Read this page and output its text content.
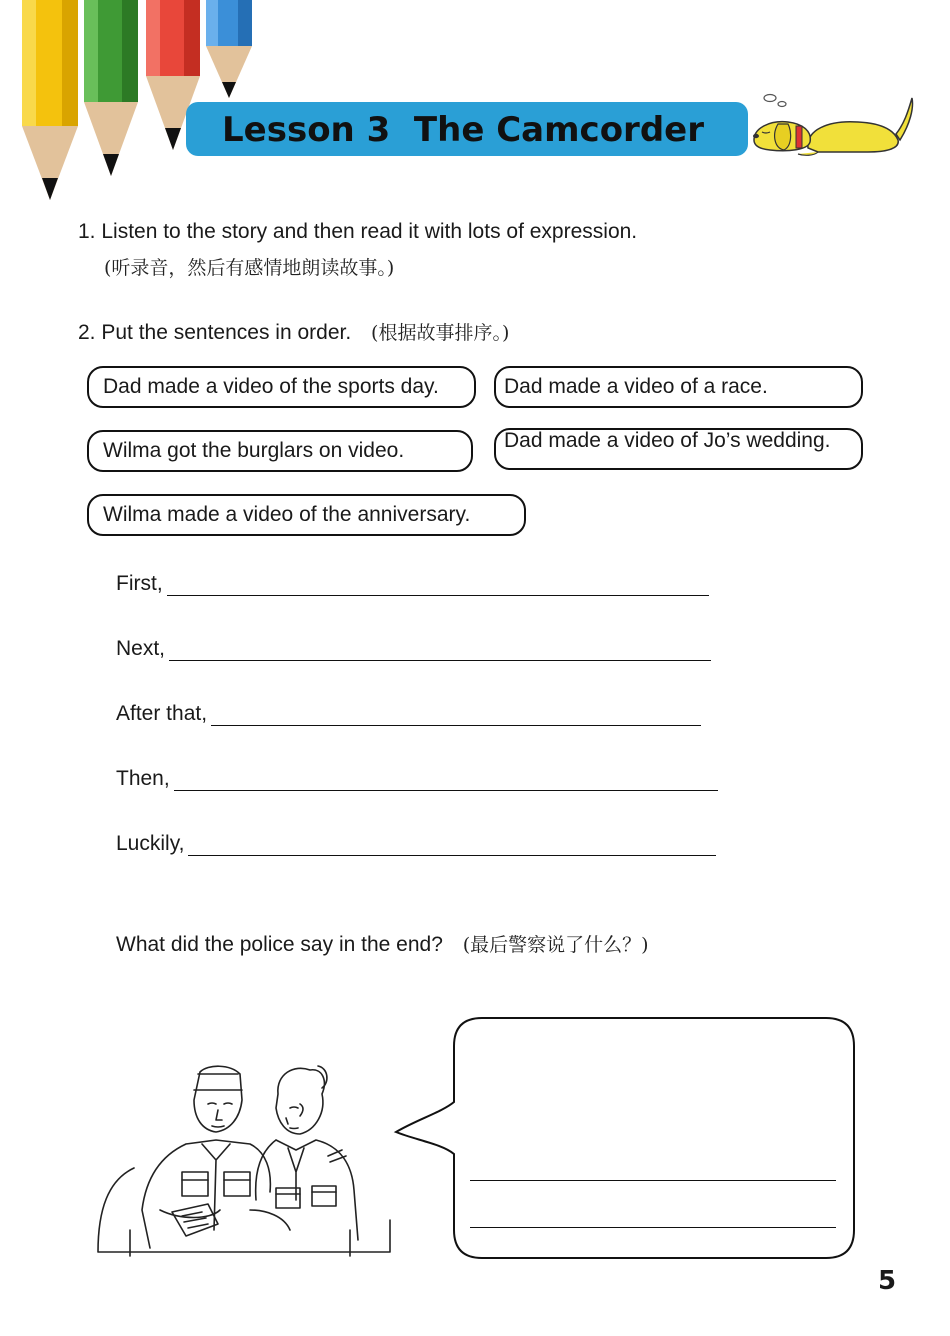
Lesson 3  The Camcorder
1. Listen to the story and then read it with lots of expression.
(听录音，然后有感情地朗读故事。)
2. Put the sentences in order. (根据故事排序。)
Dad made a video of the sports day.	Dad made a video of a race.
Wilma got the burglars on video.	Dad made a video of Jo’s wedding.
Wilma made a video of the anniversary.
First,
Next,
After that,
Then,
Luckily,
What did the police say in the end? (最后警察说了什么？)
5
